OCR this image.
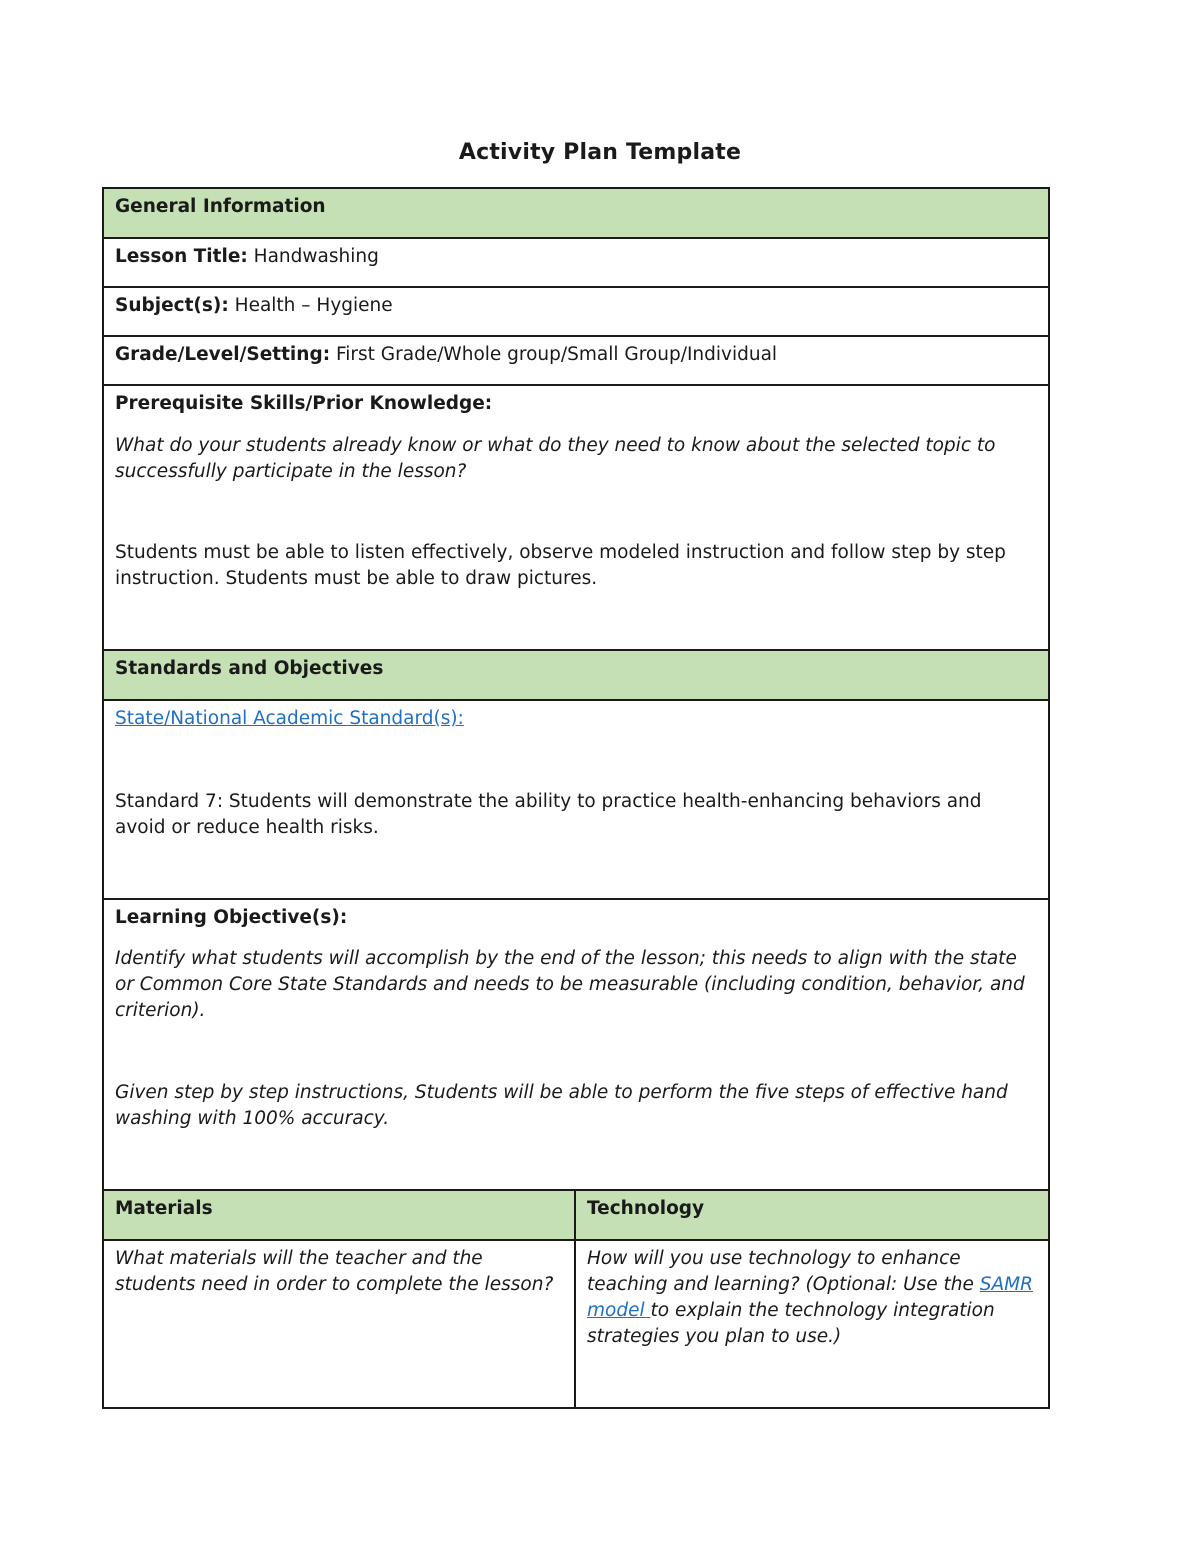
Activity Plan Template
General Information	
Lesson Title: Handwashing	
Subject(s): Health – Hygiene	
Grade/Level/Setting: First Grade/Whole group/Small Group/Individual	

Prerequisite Skills/Prior Knowledge:

What do your students already know or what do they need to know about the selected topic to successfully participate in the lesson?

Students must be able to listen effectively, observe modeled instruction and follow step by step instruction. Students must be able to draw pictures.	

Standards and Objectives	

State/National Academic Standard(s):

Standard 7: Students will demonstrate the ability to practice health-enhancing behaviors and avoid or reduce health risks.	

Learning Objective(s):

Identify what students will accomplish by the end of the lesson; this needs to align with the state or Common Core State Standards and needs to be measurable (including condition, behavior, and criterion).

Given step by step instructions, Students will be able to perform the five steps of effective hand washing with 100% accuracy.	

Materials	Technology

What materials will the teacher and the students need in order to complete the lesson?	How will you use technology to enhance teaching and learning? (Optional: Use the SAMR model to explain the technology integration strategies you plan to use.)
